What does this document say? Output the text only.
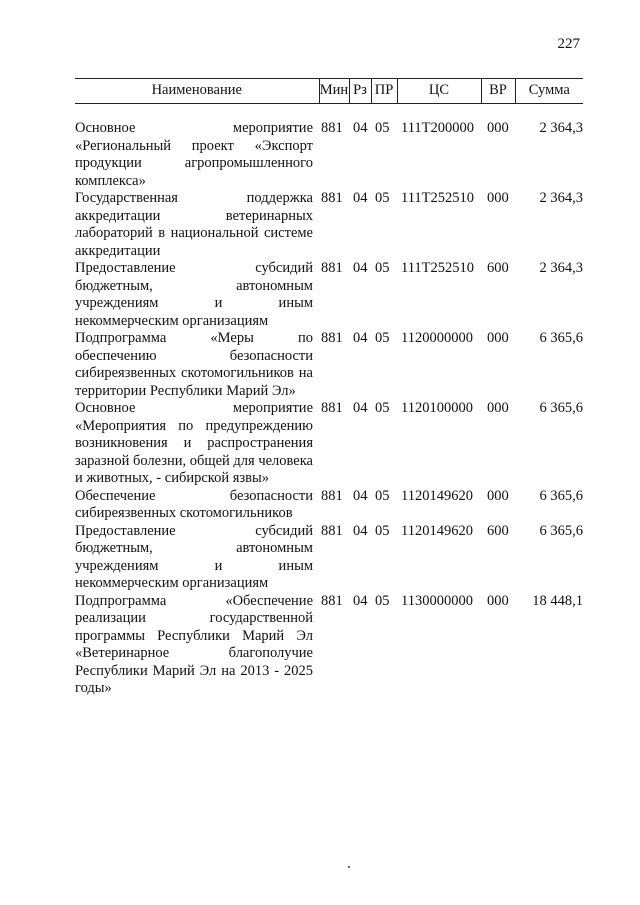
227
Наименование	Мин	Рз	ПР	ЦС	ВР	Сумма

Основное мероприятие «Региональный проект «Экспорт продукции агропромышленного комплекса»	881	04	05	111Т200000	000	2 364,3
Государственная поддержка аккредитации ветеринарных лабораторий в национальной системе аккредитации	881	04	05	111Т252510	000	2 364,3
Предоставление субсидий бюджетным, автономным учреждениям и иным некоммерческим организациям	881	04	05	111Т252510	600	2 364,3
Подпрограмма «Меры по обеспечению безопасности сибиреязвенных скотомогильников на территории Республики Марий Эл»	881	04	05	1120000000	000	6 365,6
Основное мероприятие «Мероприятия по предупреждению возникновения и распространения заразной болезни, общей для человека и животных, - сибирской язвы»	881	04	05	1120100000	000	6 365,6
Обеспечение безопасности сибиреязвенных скотомогильников	881	04	05	1120149620	000	6 365,6
Предоставление субсидий бюджетным, автономным учреждениям и иным некоммерческим организациям	881	04	05	1120149620	600	6 365,6
Подпрограмма «Обеспечение реализации государственной программы Республики Марий Эл «Ветеринарное благополучие Республики Марий Эл на 2013 - 2025 годы»	881	04	05	1130000000	000	18 448,1
